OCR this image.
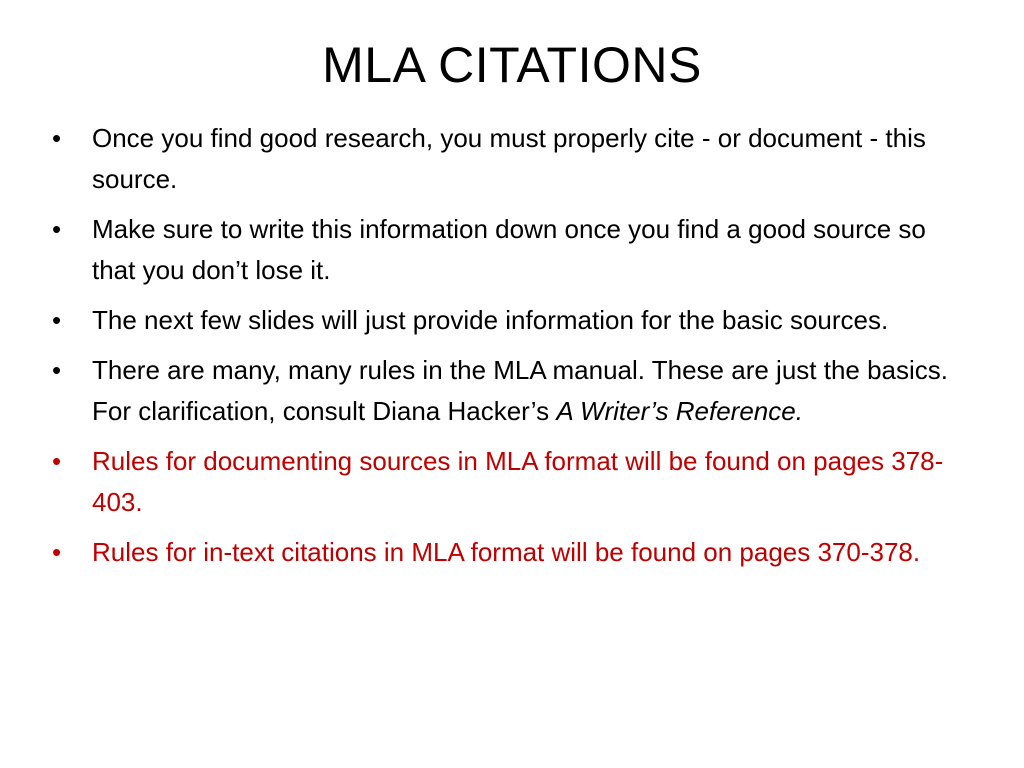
MLA CITATIONS
•	Once you find good research, you must properly cite - or document - this source.
•	Make sure to write this information down once you find a good source so that you don’t lose it.
•	The next few slides will just provide information for the basic sources.
•	There are many, many rules in the MLA manual. These are just the basics. For clarification, consult Diana Hacker’s A Writer’s Reference.
•	Rules for documenting sources in MLA format will be found on pages 378-403.
•	Rules for in-text citations in MLA format will be found on pages 370-378.
